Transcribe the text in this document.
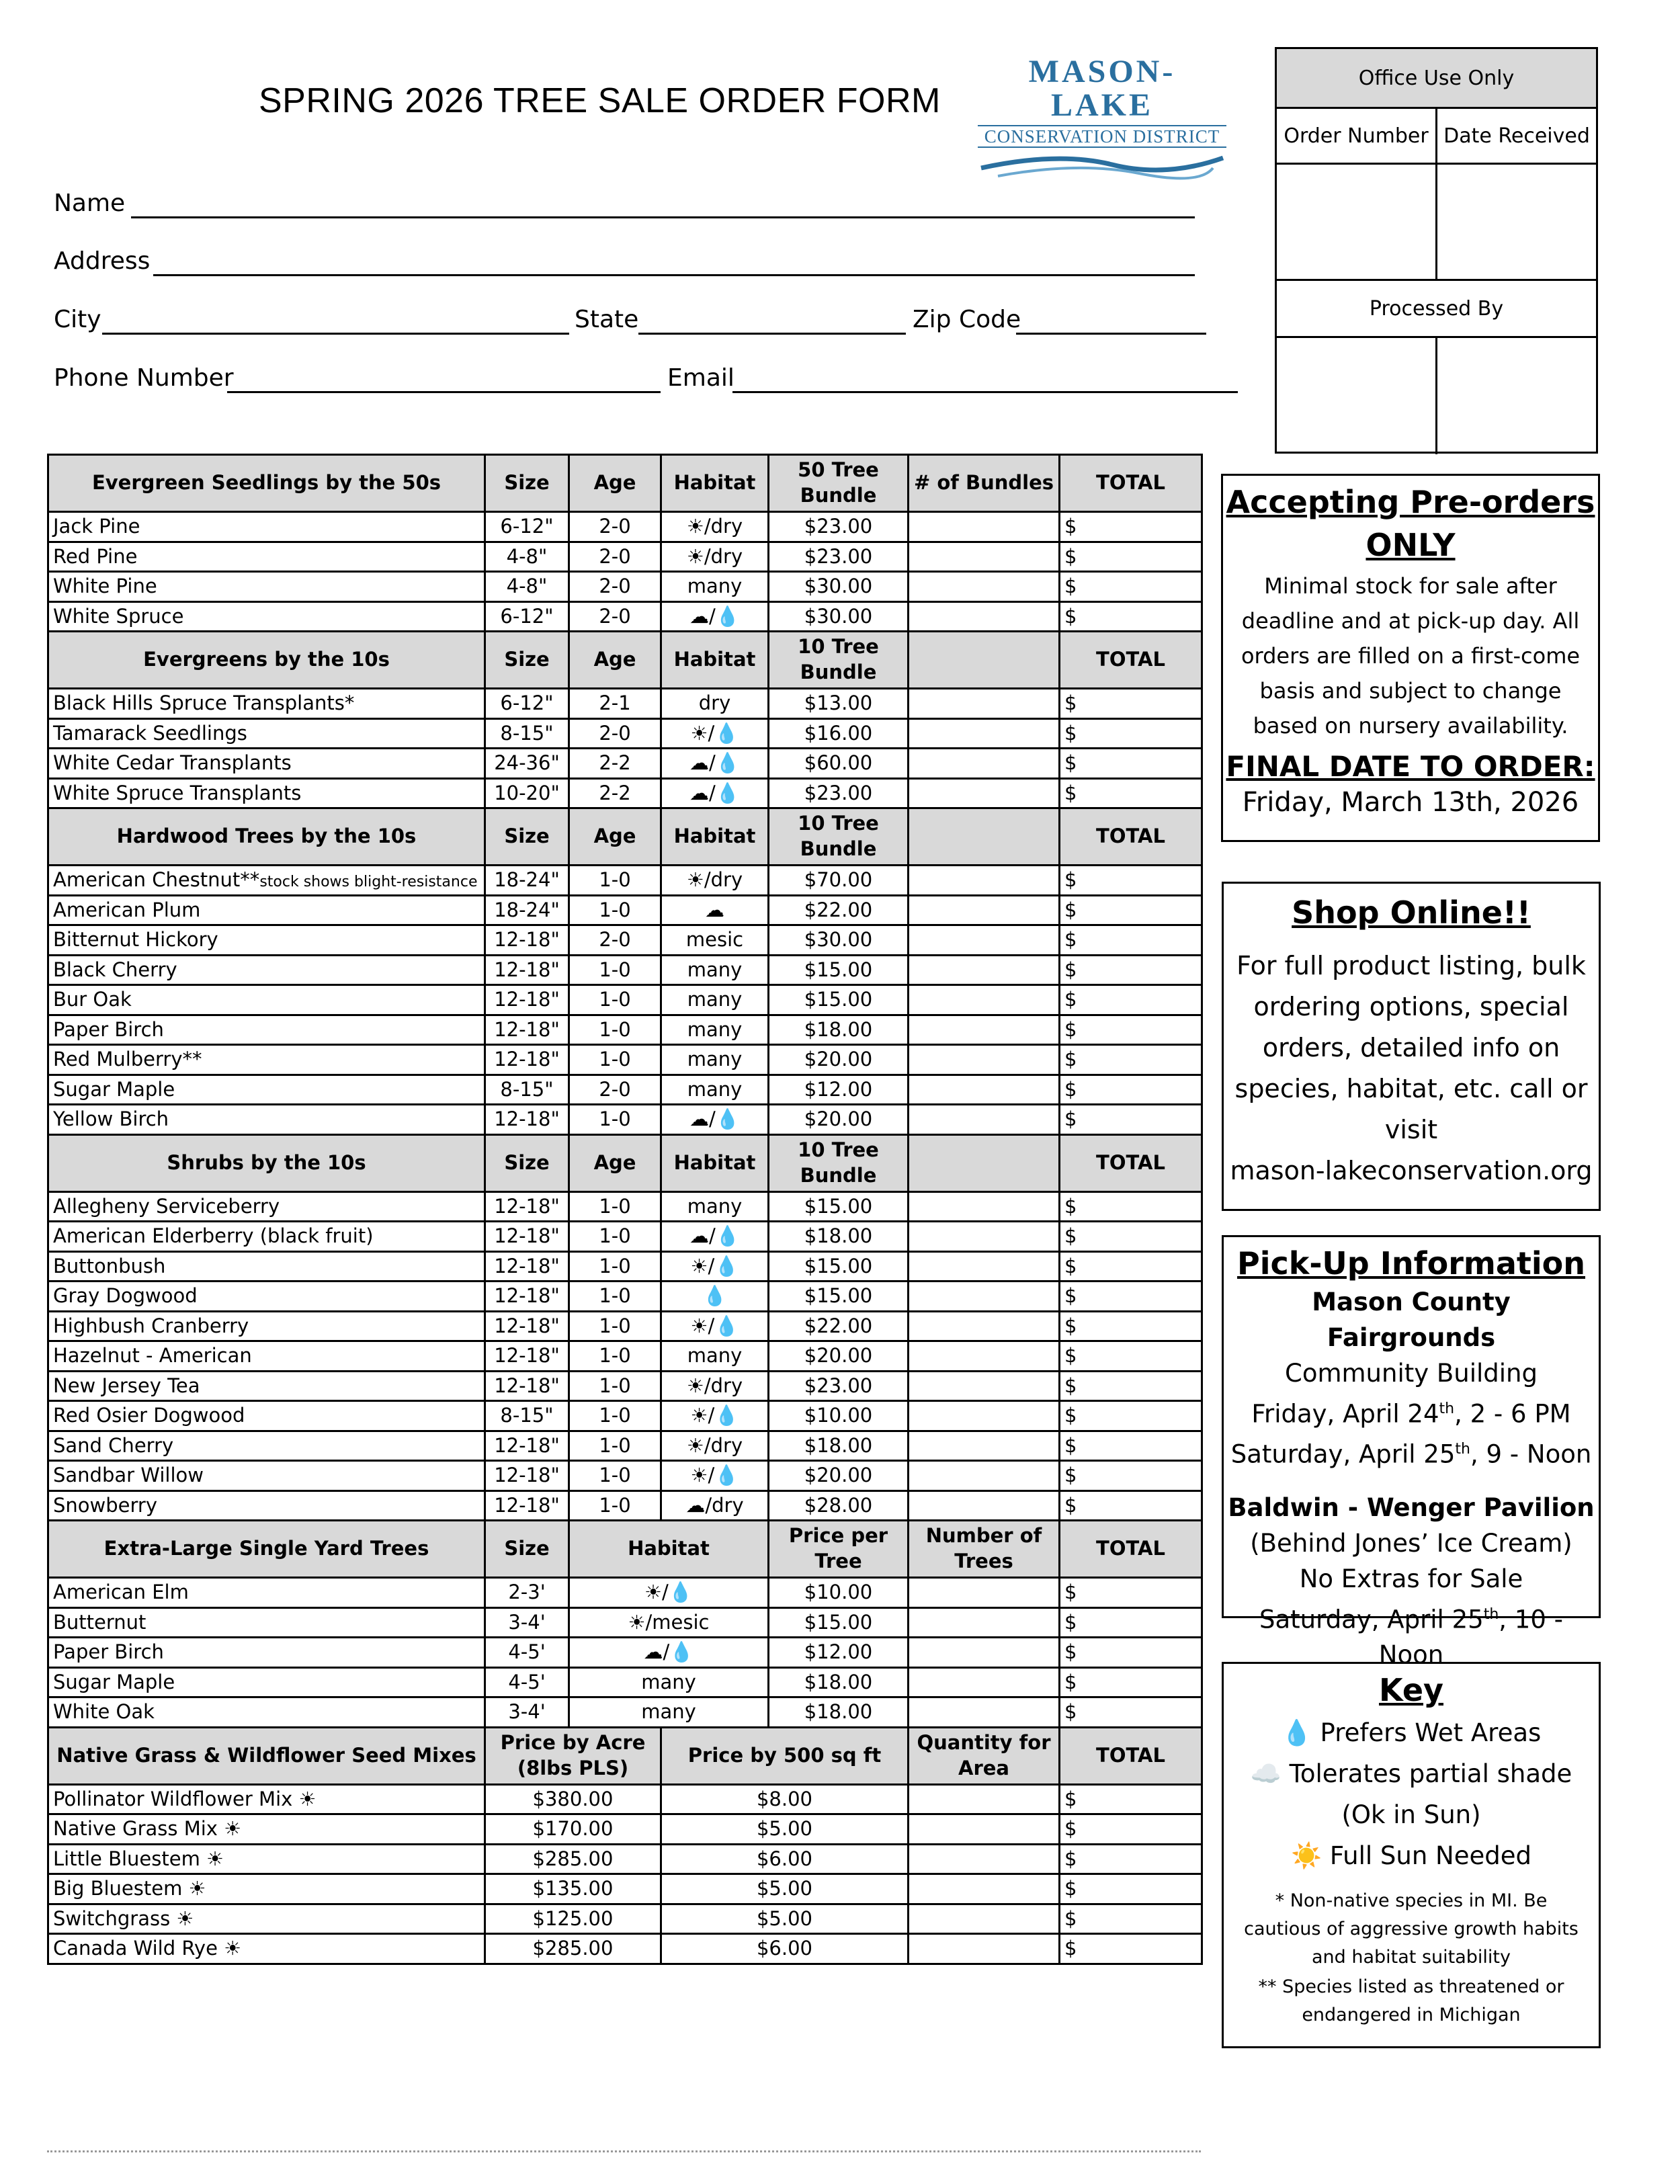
SPRING 2026 TREE SALE ORDER FORM
MASON-LAKE
CONSERVATION DISTRICT
Name
Address
City	State	Zip Code
Phone Number	Email
Office Use Only
Order Number Date Received
Processed By
Evergreen Seedlings by the 50s	Size	Age	Habitat	50 Tree Bundle	# of Bundles	TOTAL
Jack Pine	6-12"	2-0	☀/dry	$23.00		$
Red Pine	4-8"	2-0	☀/dry	$23.00		$
White Pine	4-8"	2-0	many	$30.00		$
White Spruce	6-12"	2-0	☁/💧	$30.00		$
Evergreens by the 10s	Size	Age	Habitat	10 Tree Bundle		TOTAL
Black Hills Spruce Transplants*	6-12"	2-1	dry	$13.00		$
Tamarack Seedlings	8-15"	2-0	☀/💧	$16.00		$
White Cedar Transplants	24-36"	2-2	☁/💧	$60.00		$
White Spruce Transplants	10-20"	2-2	☁/💧	$23.00		$
Hardwood Trees by the 10s	Size	Age	Habitat	10 Tree Bundle		TOTAL
American Chestnut**stock shows blight-resistance	18-24"	1-0	☀/dry	$70.00		$
American Plum	18-24"	1-0	☁	$22.00		$
Bitternut Hickory	12-18"	2-0	mesic	$30.00		$
Black Cherry	12-18"	1-0	many	$15.00		$
Bur Oak	12-18"	1-0	many	$15.00		$
Paper Birch	12-18"	1-0	many	$18.00		$
Red Mulberry**	12-18"	1-0	many	$20.00		$
Sugar Maple	8-15"	2-0	many	$12.00		$
Yellow Birch	12-18"	1-0	☁/💧	$20.00		$
Shrubs by the 10s	Size	Age	Habitat	10 Tree Bundle		TOTAL
Allegheny Serviceberry	12-18"	1-0	many	$15.00		$
American Elderberry (black fruit)	12-18"	1-0	☁/💧	$18.00		$
Buttonbush	12-18"	1-0	☀/💧	$15.00		$
Gray Dogwood	12-18"	1-0	💧	$15.00		$
Highbush Cranberry	12-18"	1-0	☀/💧	$22.00		$
Hazelnut - American	12-18"	1-0	many	$20.00		$
New Jersey Tea	12-18"	1-0	☀/dry	$23.00		$
Red Osier Dogwood	8-15"	1-0	☀/💧	$10.00		$
Sand Cherry	12-18"	1-0	☀/dry	$18.00		$
Sandbar Willow	12-18"	1-0	☀/💧	$20.00		$
Snowberry	12-18"	1-0	☁/dry	$28.00		$
Extra-Large Single Yard Trees	Size	Habitat		Price per Tree	Number of Trees	TOTAL
American Elm	2-3'	☀/💧		$10.00		$
Butternut	3-4'	☀/mesic		$15.00		$
Paper Birch	4-5'	☁/💧		$12.00		$
Sugar Maple	4-5'	many		$18.00		$
White Oak	3-4'	many		$18.00		$
Native Grass & Wildflower Seed Mixes	Price by Acre (8lbs PLS)		Price by 500 sq ft		Quantity for Area	TOTAL
Pollinator Wildflower Mix ☀	$380.00		$8.00			$
Native Grass Mix ☀	$170.00		$5.00			$
Little Bluestem ☀	$285.00		$6.00			$
Big Bluestem ☀	$135.00		$5.00			$
Switchgrass ☀	$125.00		$5.00			$
Canada Wild Rye ☀	$285.00		$6.00			$
Accepting Pre-orders
ONLY

Minimal stock for sale after deadline and at pick-up day. All orders are filled on a first-come basis and subject to change based on nursery availability.

FINAL DATE TO ORDER:

Friday, March 13th, 2026

Shop Online!!

For full product listing, bulk ordering options, special orders, detailed info on species, habitat, etc. call or visit

mason-lakeconservation.org

Pick-Up Information

Mason County Fairgrounds

Community Building

Friday, April 24th, 2 - 6 PM

Saturday, April 25th, 9 - Noon

Baldwin - Wenger Pavilion

(Behind Jones’ Ice Cream)

No Extras for Sale

Saturday, April 25th, 10 - Noon

Key

💧 Prefers Wet Areas

☁️ Tolerates partial shade

(Ok in Sun)

☀️ Full Sun Needed

* Non-native species in MI. Be cautious of aggressive growth habits and habitat suitability

** Species listed as threatened or endangered in Michigan
